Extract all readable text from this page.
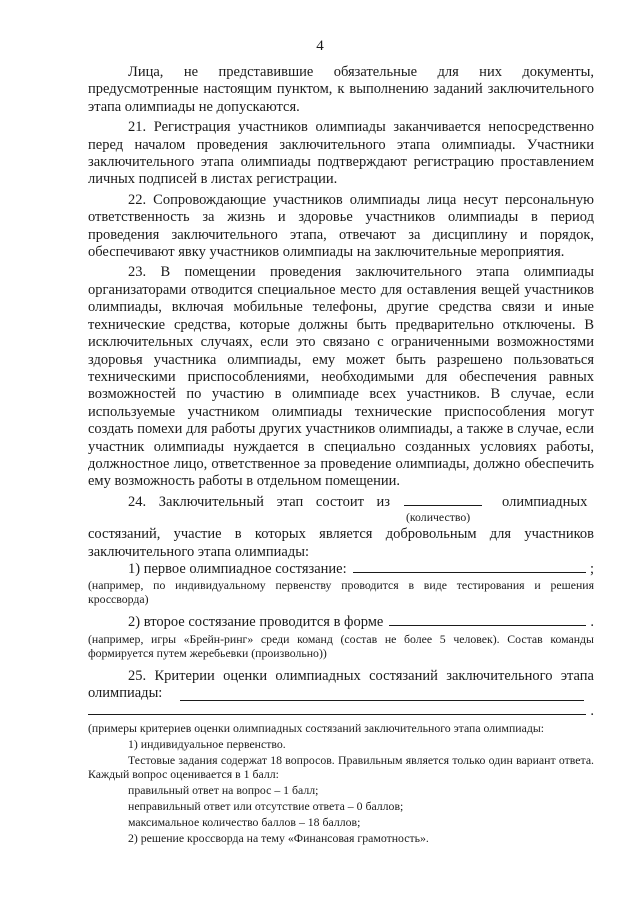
4

Лица, не представившие обязательные для них документы, предусмотренные настоящим пунктом, к выполнению заданий заключительного этапа олимпиады не допускаются.

21. Регистрация участников олимпиады заканчивается непосредственно перед началом проведения заключительного этапа олимпиады. Участники заключительного этапа олимпиады подтверждают регистрацию проставлением личных подписей в листах регистрации.

22. Сопровождающие участников олимпиады лица несут персональную ответственность за жизнь и здоровье участников олимпиады в период проведения заключительного этапа, отвечают за дисциплину и порядок, обеспечивают явку участников олимпиады на заключительные мероприятия.

23. В помещении проведения заключительного этапа олимпиады организаторами отводится специальное место для оставления вещей участников олимпиады, включая мобильные телефоны, другие средства связи и иные технические средства, которые должны быть предварительно отключены. В исключительных случаях, если это связано с ограниченными возможностями здоровья участника олимпиады, ему может быть разрешено пользоваться техническими приспособлениями, необходимыми для обеспечения равных возможностей по участию в олимпиаде всех участников. В случае, если используемые участником олимпиады технические приспособления могут создать помехи для работы других участников олимпиады, а также в случае, если участник олимпиады нуждается в специально созданных условиях работы, должностное лицо, ответственное за проведение олимпиады, должно обеспечить ему возможность работы в отдельном помещении.

24. Заключительный этап состоит из	олимпиадных
(количество)

состязаний, участие в которых является добровольным для участников заключительного этапа олимпиады:

1) первое олимпиадное состязание:	;

(например, по индивидуальному первенству проводится в виде тестирования и решения кроссворда)

2) второе состязание проводится в форме	.

(например, игры «Брейн-ринг» среди команд (состав не более 5 человек). Состав команды формируется путем жеребьевки (произвольно))

25. Критерии оценки олимпиадных состязаний заключительного этапа олимпиады:

.

(примеры критериев оценки олимпиадных состязаний заключительного этапа олимпиады:

1) индивидуальное первенство.

Тестовые задания содержат 18 вопросов. Правильным является только один вариант ответа. Каждый вопрос оценивается в 1 балл:

правильный ответ на вопрос – 1 балл;

неправильный ответ или отсутствие ответа – 0 баллов;

максимальное количество баллов – 18 баллов;

2) решение кроссворда на тему «Финансовая грамотность».
